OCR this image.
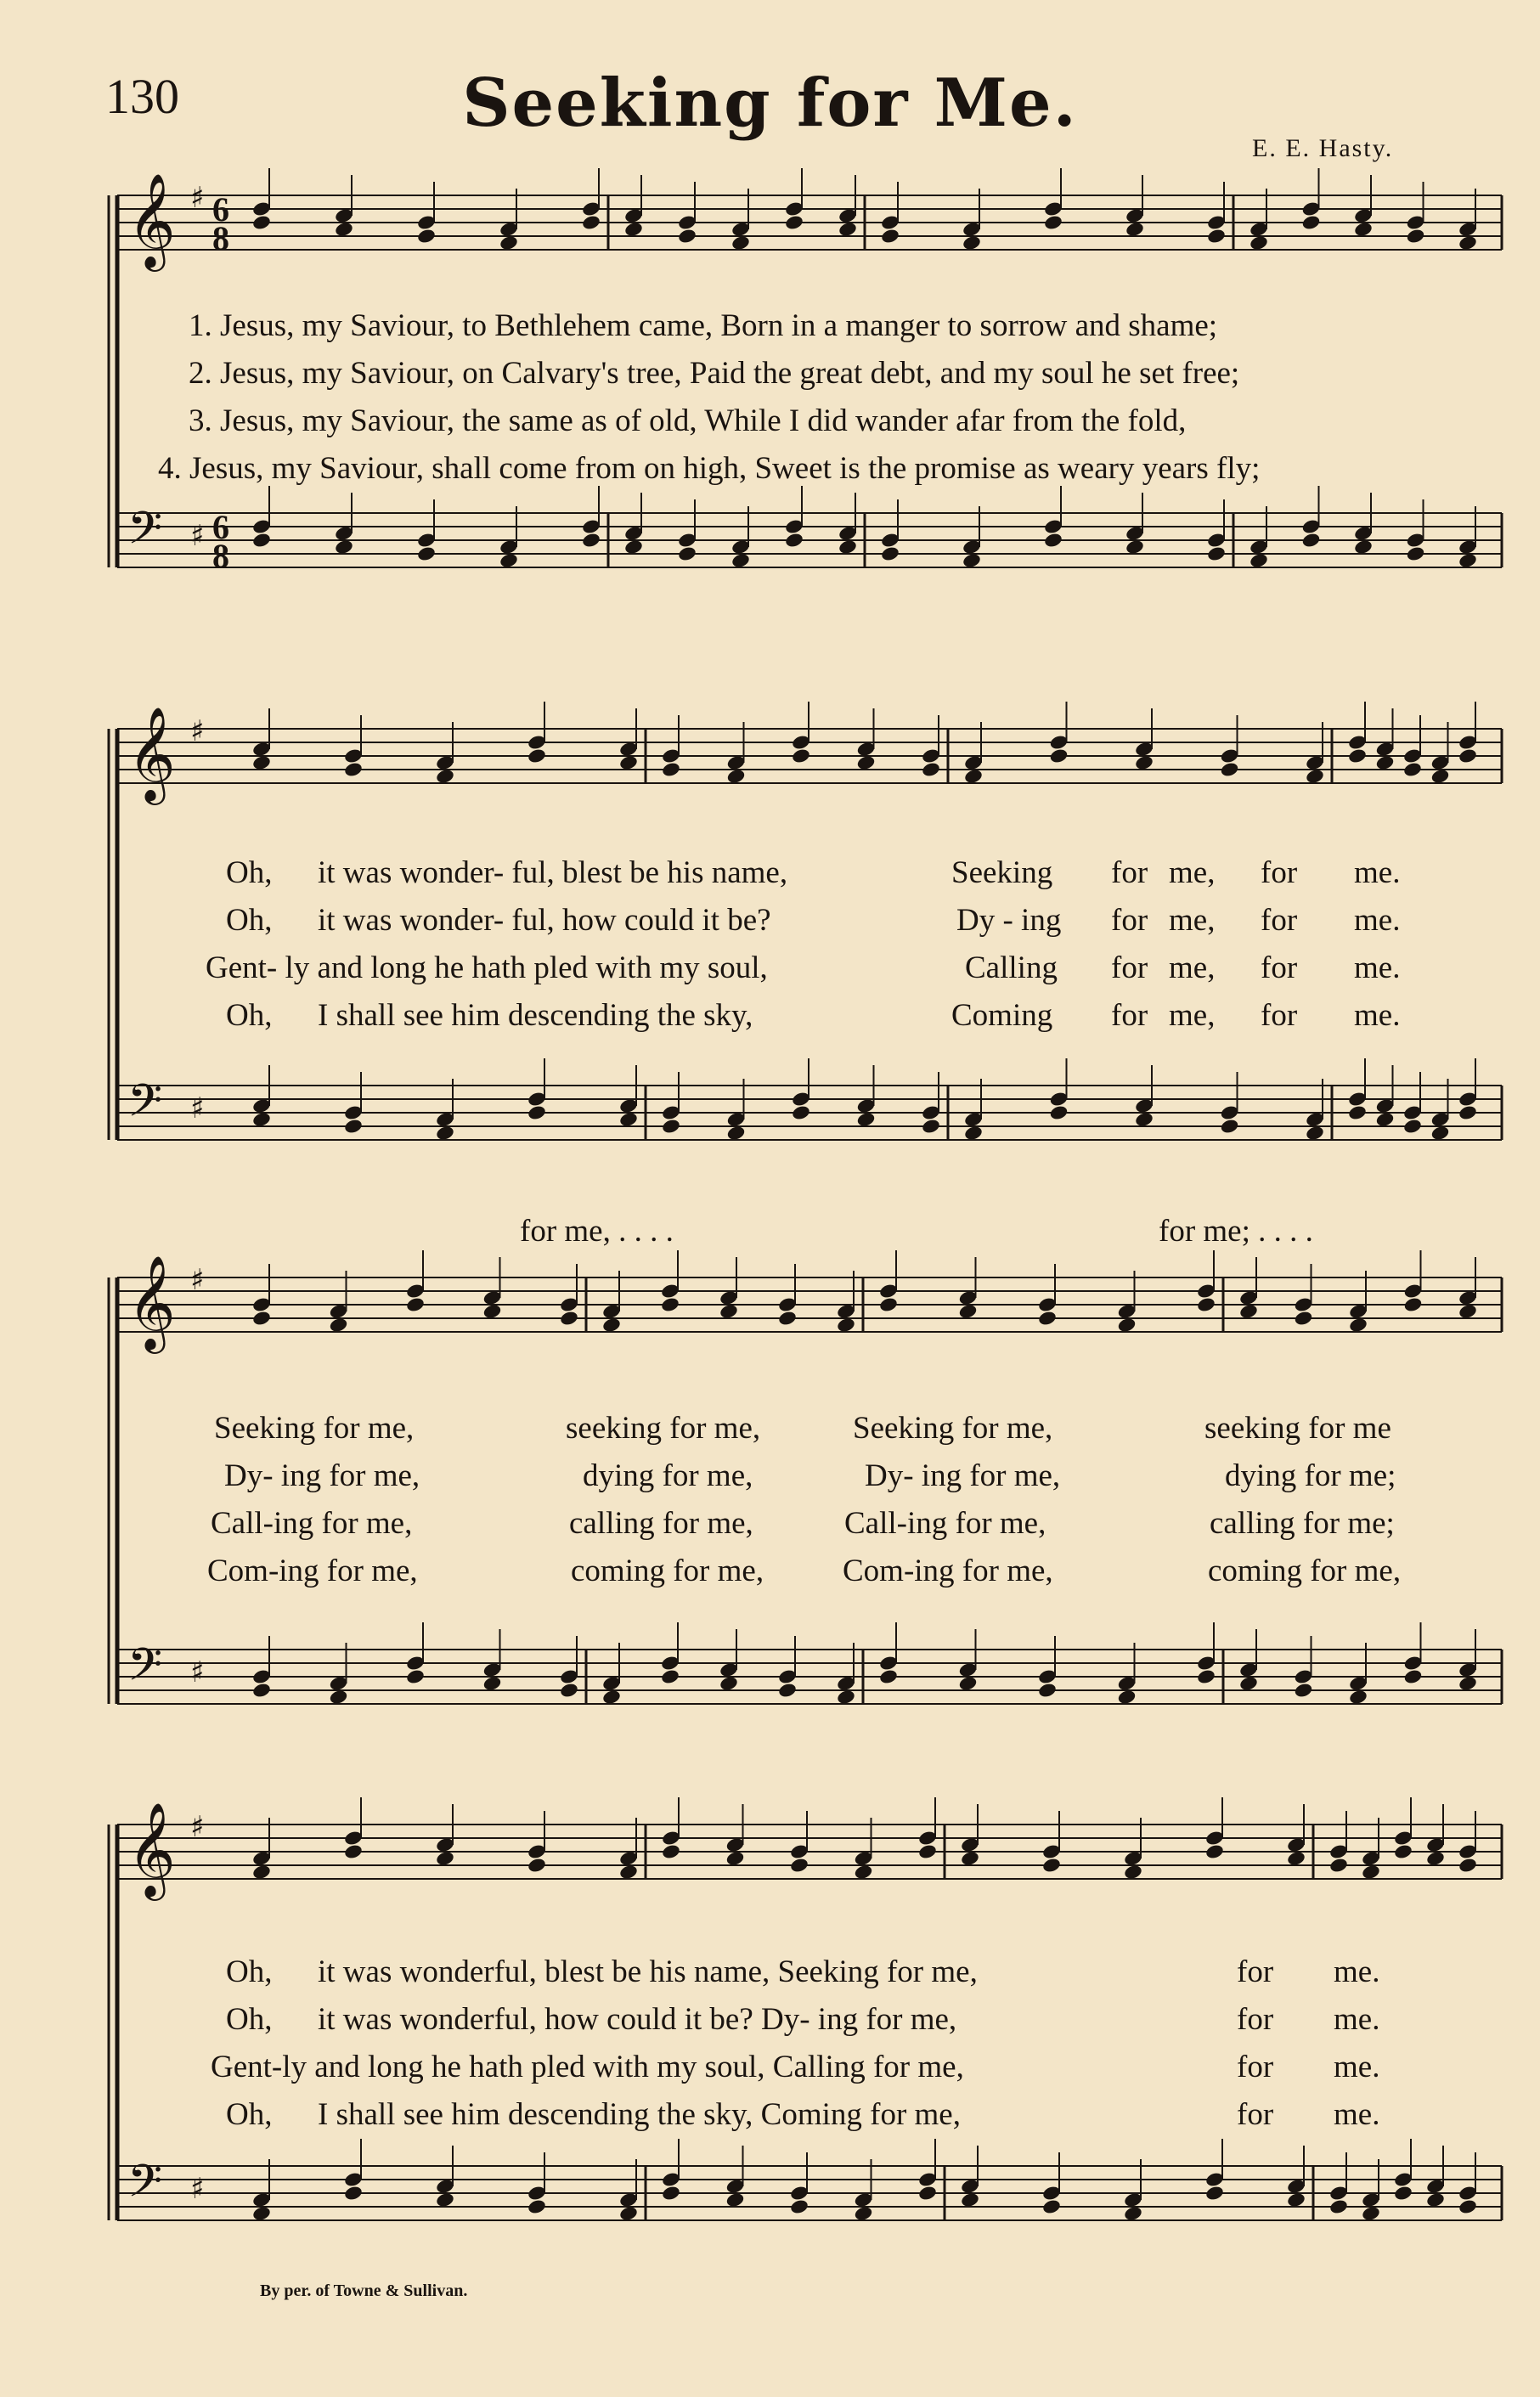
130	Seeking for Me.
E. E. Hasty.
𝄞 ♯
𝄢 ♯
𝄞 ♯
𝄢 ♯
𝄞 ♯
𝄢 ♯
𝄞 ♯
𝄢 ♯
6
8
6
8
1. Jesus, my Saviour, to Bethlehem came, Born in a manger to sorrow and shame;
2. Jesus, my Saviour, on Calvary's tree, Paid the great debt, and my soul he set free;
3. Jesus, my Saviour, the same as of old, While I did wander afar from the fold,
4. Jesus, my Saviour, shall come from on high, Sweet is the promise as weary years fly;
Oh, it was wonder- ful, blest be his name,	Seeking for me, for me.
Oh, it was wonder- ful, how could it be?	Dy - ing for me, for me.
Gent- ly and long he hath pled with my soul,	Calling for me, for me.
Oh, I shall see him descending the sky,	Coming for me, for me.
for me, . . . .	for me; . . . .
Seeking for me,	seeking for me,	Seeking for me,	seeking for me
Dy- ing for me,	dying for me,	Dy- ing for me,	dying for me;
Call-ing for me,	calling for me,	Call-ing for me,	calling for me;
Com-ing for me,	coming for me,	Com-ing for me,	coming for me,
Oh, it was wonderful, blest be his name, Seeking for me,	for me.
Oh, it was wonderful, how could it be? Dy- ing for me,	for me.
Gent-ly and long he hath pled with my soul, Calling for me,	for me.
Oh, I shall see him descending the sky, Coming for me,	for me.
By per. of Towne & Sullivan.
